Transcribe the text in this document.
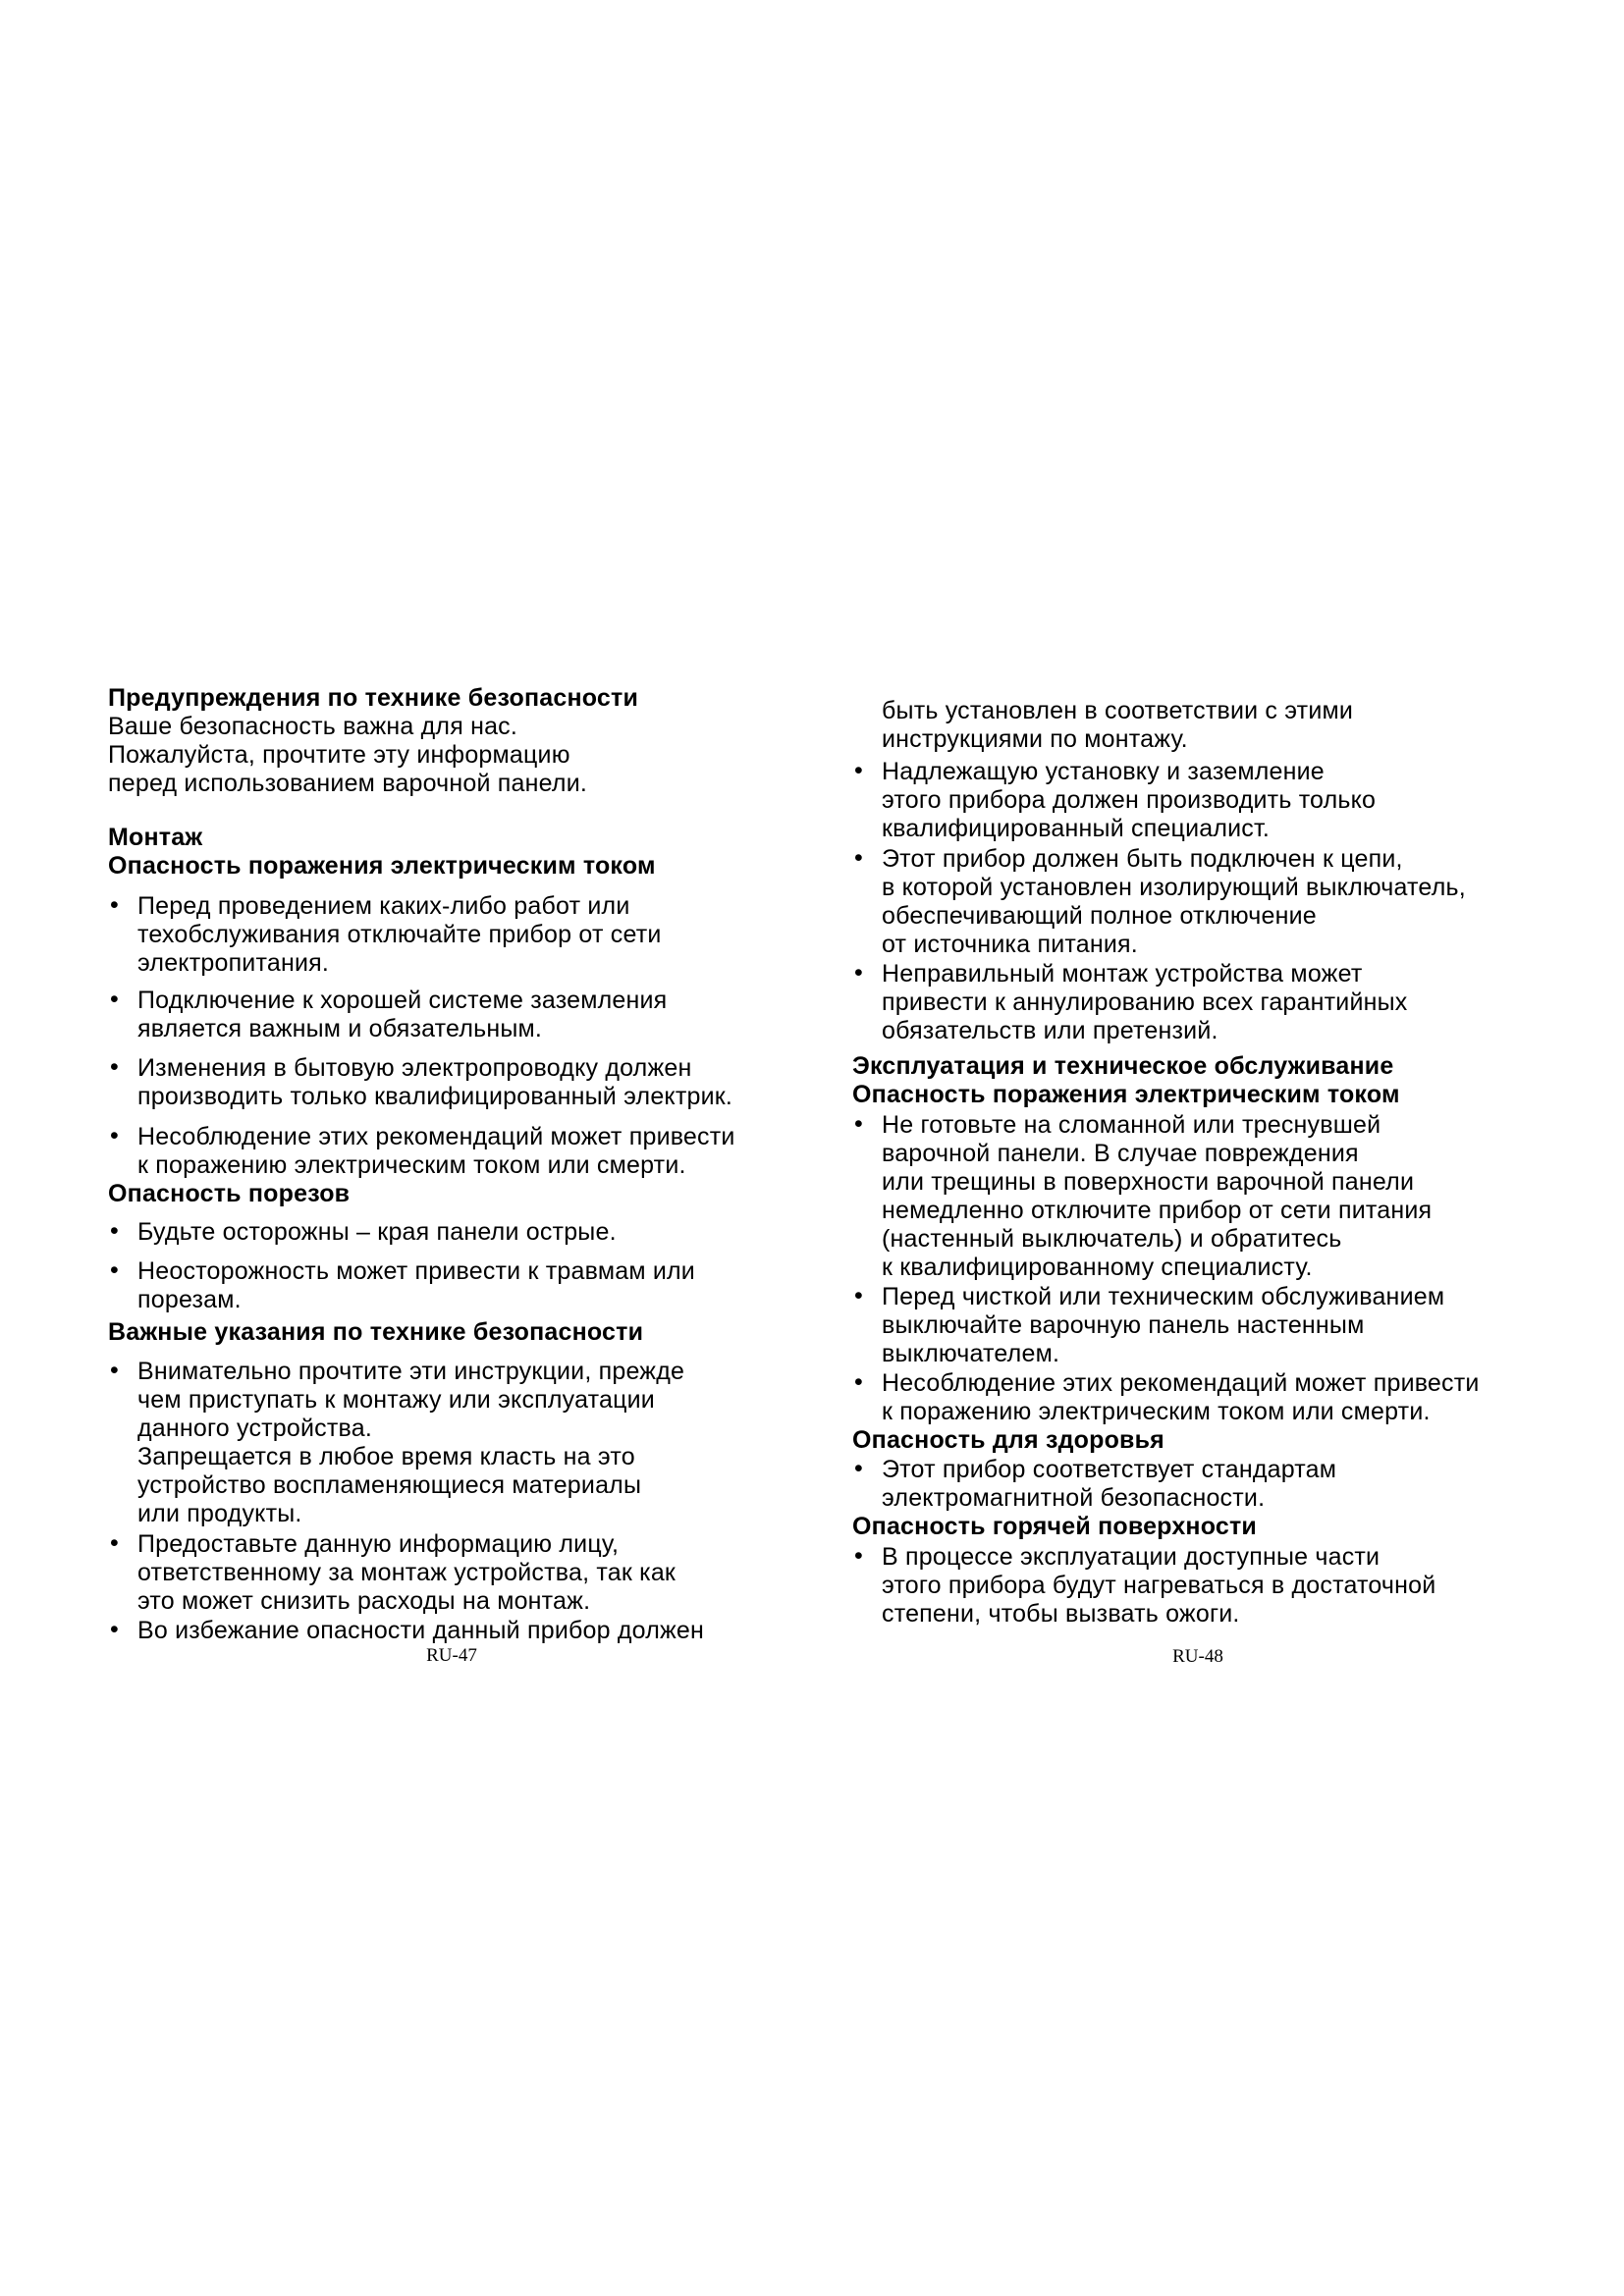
Предупреждения по технике безопасности
Ваше безопасность важна для нас.
Пожалуйста, прочтите эту информацию
перед использованием варочной панели.
Монтаж
Опасность поражения электрическим током
• Перед проведением каких-либо работ или
техобслуживания отключайте прибор от сети
электропитания.
• Подключение к хорошей системе заземления
является важным и обязательным.
• Изменения в бытовую электропроводку должен
производить только квалифицированный электрик.
• Несоблюдение этих рекомендаций может привести
к поражению электрическим током или смерти.
Опасность порезов
• Будьте осторожны – края панели острые.
• Неосторожность может привести к травмам или
порезам.
Важные указания по технике безопасности
• Внимательно прочтите эти инструкции, прежде
чем приступать к монтажу или эксплуатации
данного устройства.
Запрещается в любое время класть на это
устройство воспламеняющиеся материалы
или продукты.
• Предоставьте данную информацию лицу,
ответственному за монтаж устройства, так как
это может снизить расходы на монтаж.
• Во избежание опасности данный прибор должен
быть установлен в соответствии с этими
инструкциями по монтажу.
• Надлежащую установку и заземление
этого прибора должен производить только
квалифицированный специалист.
• Этот прибор должен быть подключен к цепи,
в которой установлен изолирующий выключатель,
обеспечивающий полное отключение
от источника питания.
• Неправильный монтаж устройства может
привести к аннулированию всех гарантийных
обязательств или претензий.
Эксплуатация и техническое обслуживание
Опасность поражения электрическим током
• Не готовьте на сломанной или треснувшей
варочной панели. В случае повреждения
или трещины в поверхности варочной панели
немедленно отключите прибор от сети питания
(настенный выключатель) и обратитесь
к квалифицированному специалисту.
• Перед чисткой или техническим обслуживанием
выключайте варочную панель настенным
выключателем.
• Несоблюдение этих рекомендаций может привести
к поражению электрическим током или смерти.
Опасность для здоровья
• Этот прибор соответствует стандартам
электромагнитной безопасности.
Опасность горячей поверхности
• В процессе эксплуатации доступные части
этого прибора будут нагреваться в достаточной
степени, чтобы вызвать ожоги.
RU-47	RU-48
